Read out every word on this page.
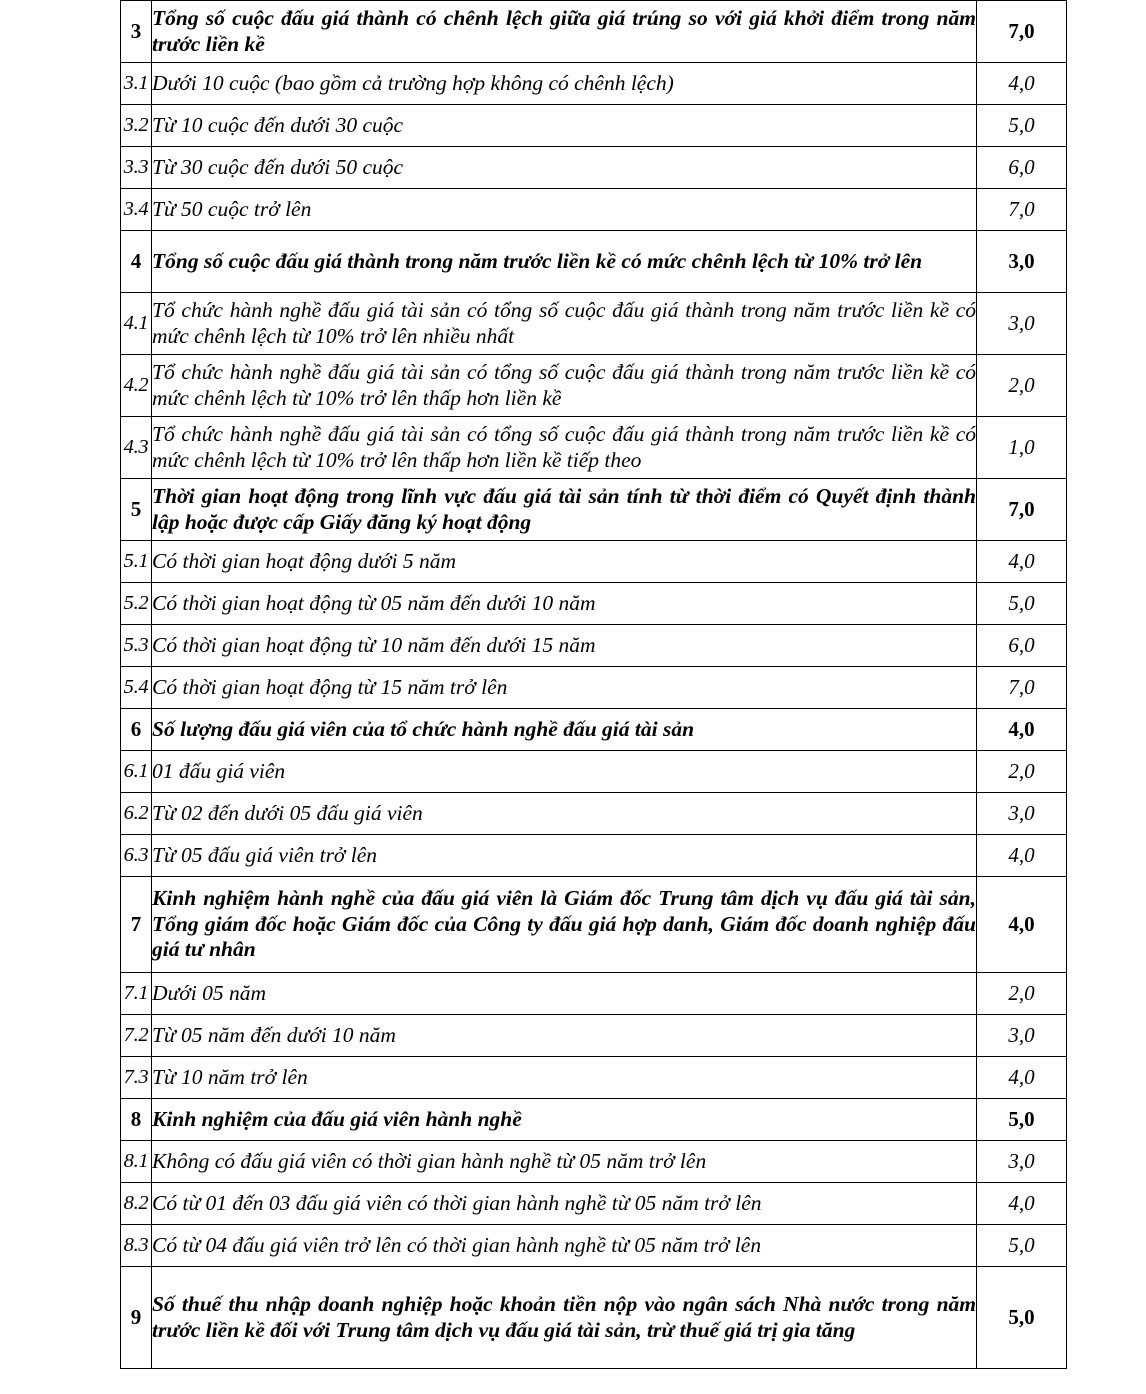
3	Tổng số cuộc đấu giá thành có chênh lệch giữa giá trúng so với giá khởi điểm trong năm trước liền kề	7,0
3.1	Dưới 10 cuộc (bao gồm cả trường hợp không có chênh lệch)	4,0
3.2	Từ 10 cuộc đến dưới 30 cuộc	5,0
3.3	Từ 30 cuộc đến dưới 50 cuộc	6,0
3.4	Từ 50 cuộc trở lên	7,0
4	Tổng số cuộc đấu giá thành trong năm trước liền kề có mức chênh lệch từ 10% trở lên	3,0
4.1	Tổ chức hành nghề đấu giá tài sản có tổng số cuộc đấu giá thành trong năm trước liền kề có mức chênh lệch từ 10% trở lên nhiều nhất	3,0
4.2	Tổ chức hành nghề đấu giá tài sản có tổng số cuộc đấu giá thành trong năm trước liền kề có mức chênh lệch từ 10% trở lên thấp hơn liền kề	2,0
4.3	Tổ chức hành nghề đấu giá tài sản có tổng số cuộc đấu giá thành trong năm trước liền kề có mức chênh lệch từ 10% trở lên thấp hơn liền kề tiếp theo	1,0
5	Thời gian hoạt động trong lĩnh vực đấu giá tài sản tính từ thời điểm có Quyết định thành lập hoặc được cấp Giấy đăng ký hoạt động	7,0
5.1	Có thời gian hoạt động dưới 5 năm	4,0
5.2	Có thời gian hoạt động từ 05 năm đến dưới 10 năm	5,0
5.3	Có thời gian hoạt động từ 10 năm đến dưới 15 năm	6,0
5.4	Có thời gian hoạt động từ 15 năm trở lên	7,0
6	Số lượng đấu giá viên của tổ chức hành nghề đấu giá tài sản	4,0
6.1	01 đấu giá viên	2,0
6.2	Từ 02 đến dưới 05 đấu giá viên	3,0
6.3	Từ 05 đấu giá viên trở lên	4,0
7	Kinh nghiệm hành nghề của đấu giá viên là Giám đốc Trung tâm dịch vụ đấu giá tài sản, Tổng giám đốc hoặc Giám đốc của Công ty đấu giá hợp danh, Giám đốc doanh nghiệp đấu giá tư nhân	4,0
7.1	Dưới 05 năm	2,0
7.2	Từ 05 năm đến dưới 10 năm	3,0
7.3	Từ 10 năm trở lên	4,0
8	Kinh nghiệm của đấu giá viên hành nghề	5,0
8.1	Không có đấu giá viên có thời gian hành nghề từ 05 năm trở lên	3,0
8.2	Có từ 01 đến 03 đấu giá viên có thời gian hành nghề từ 05 năm trở lên	4,0
8.3	Có từ 04 đấu giá viên trở lên có thời gian hành nghề từ 05 năm trở lên	5,0
9	Số thuế thu nhập doanh nghiệp hoặc khoản tiền nộp vào ngân sách Nhà nước trong năm trước liền kề đối với Trung tâm dịch vụ đấu giá tài sản, trừ thuế giá trị gia tăng	5,0
